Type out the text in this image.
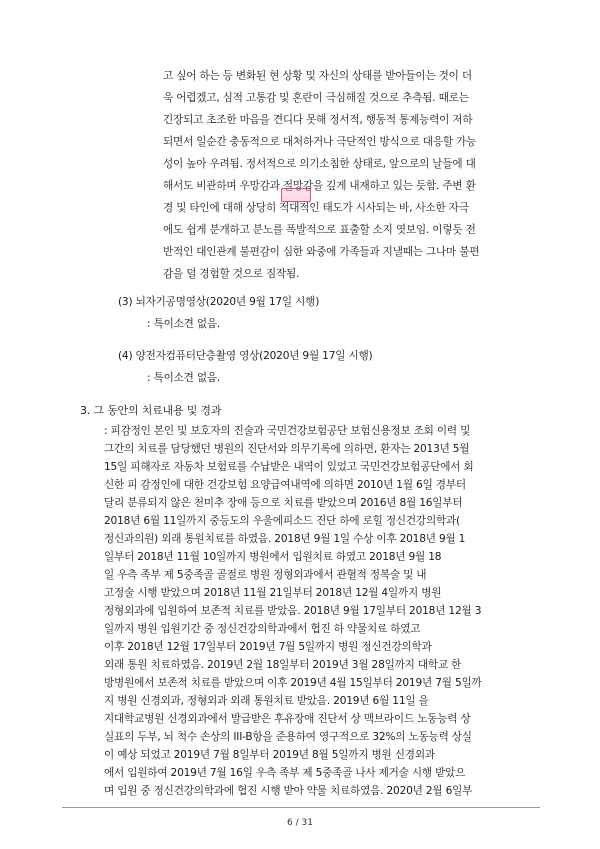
고 싶어 하는 등 변화된 현 상황 및 자신의 상태를 받아들이는 것이 더
욱 어렵겠고, 심적 고통감 및 혼란이 극심해질 것으로 추측됨. 때로는
긴장되고 초조한 마음을 견디다 못해 정서적, 행동적 통제능력이 저하
되면서 일순간 충동적으로 대처하거나 극단적인 방식으로 대응할 가능
성이 높아 우려됨. 정서적으로 의기소침한 상태로, 앞으로의 날들에 대
해서도 비관하며 우망감과 절망감을 깊게 내재하고 있는 듯함. 주변 환
경 및 타인에 대해 상당히 적대적인 태도가 시사되는 바, 사소한 자극
에도 쉽게 분개하고 분노를 폭발적으로 표출할 소지 엿보임. 이렇듯 전
반적인 대인관계 불편감이 심한 와중에 가족들과 지낼때는 그나마 불편
감을 덜 경험할 것으로 짐작됨.
(3) 뇌자기공명영상(2020년 9월 17일 시행)
: 특이소견 없음.
(4) 양전자컴퓨터단층촬영 영상(2020년 9월 17일 시행)
: 특이소견 없음.
3. 그 동안의 치료내용 및 경과
: 피감정인 본인 및 보호자의 진술과 국민건강보험공단 보험신용정보 조회 이력 및
그간의 치료를 담당했던 병원의 진단서와 의무기록에 의하면, 환자는 2013년 5월
15일 피해자로 자동차 보험료를 수납받은 내역이 있었고 국민건강보험공단에서 회
신한 피 감정인에 대한 건강보험 요양급여내역에 의하면 2010년 1월 6일 경부터
달리 분류되지 않은 천미추 장애 등으로 치료를 받았으며 2016년 8월 16일부터
2018년 6월 11일까지 중등도의 우울에피소드 진단 하에 로힐 정신건강의학과(
정신과의원) 외래 통원치료를 하였음. 2018년 9월 1일 수상 이후 2018년 9월 1
일부터 2018년 11월 10일까지 병원에서 입원치료 하였고 2018년 9월 18
일 우측 족부 제 5중족골 골절로 병원 정형외과에서 관혈적 정복술 및 내
고정술 시행 받았으며 2018년 11월 21일부터 2018년 12월 4일까지 병원
정형외과에 입원하여 보존적 치료를 받았음. 2018년 9월 17일부터 2018년 12월 3
일까지 병원 입원기간 중 정신건강의학과에서 협진 하 약물치료 하였고
이후 2018년 12월 17일부터 2019년 7월 5일까지 병원 정신건강의학과
외래 통원 치료하였음. 2019년 2월 18일부터 2019년 3월 28일까지 대학교 한
방병원에서 보존적 치료를 받았으며 이후 2019년 4월 15일부터 2019년 7월 5일까
지 병원 신경외과, 정형외과 외래 통원치료 받았음. 2019년 6월 11일 을
지대학교병원 신경외과에서 발급받은 후유장애 진단서 상 맥브라이드 노동능력 상
실표의 두부, 뇌 척수 손상의 III-B항을 준용하여 영구적으로 32%의 노동능력 상실
이 예상 되었고 2019년 7월 8일부터 2019년 8월 5일까지 병원 신경외과
에서 입원하여 2019년 7월 16일 우측 족부 제 5중족골 나사 제거술 시행 받았으
며 입원 중 정신건강의학과에 협진 시행 받아 약물 치료하였음. 2020년 2월 6일부
6 / 31
